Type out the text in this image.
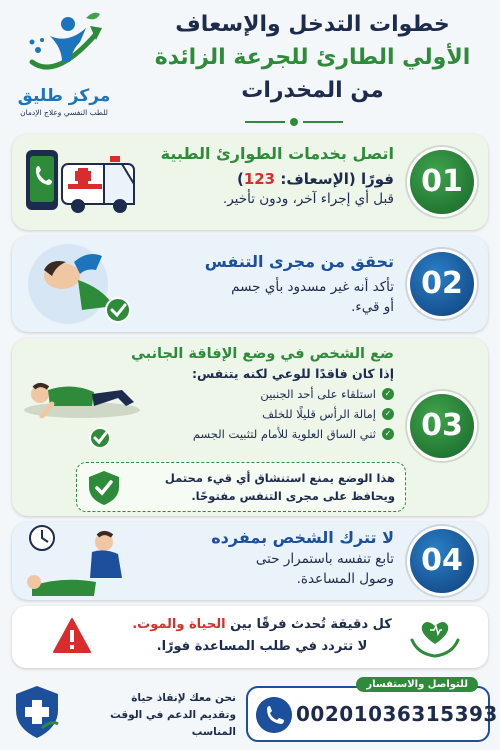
مركز طليق
للطب النفسي وعلاج الإدمان
خطوات التدخل والإسعاف
الأولي الطارئ للجرعة الزائدة
من المخدرات
01
اتصل بخدمات الطوارئ الطبية
فورًا (الإسعاف: 123)
قبل أي إجراء آخر، ودون تأخير.
02
تحقق من مجرى التنفس
تأكد أنه غير مسدود بأي جسم
أو قيء.
03
ضع الشخص في وضع الإفاقة الجانبي
إذا كان فاقدًا للوعي لكنه يتنفس:
✓
استلقاء على أحد الجنبين
✓
إمالة الرأس قليلًا للخلف
✓
ثني الساق العلوية للأمام لتثبيت الجسم
هذا الوضع يمنع استنشاق أي قيء محتمل
ويحافظ على مجرى التنفس مفتوحًا.
04
لا تترك الشخص بمفرده
تابع تنفسه باستمرار حتى
وصول المساعدة.
كل دقيقة تُحدث فرقًا بين الحياة والموت.
لا تتردد في طلب المساعدة فورًا.
نحن معك لإنقاذ حياة
وتقديم الدعم في الوقت المناسب
للتواصل والاستفسار
00201036315393
